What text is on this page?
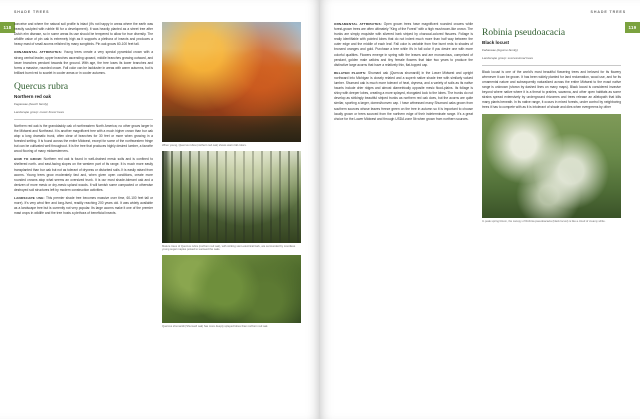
SHADE TREES
118

conceive and where the natural soil profile is intact (it's not happy in areas where the earth was heavily sculpted with rubble fill for a development). It was heavily planted as a street tree after Dutch elm disease, so in some areas its use should be tempered to allow for true diversity. The wildlife value of pin oak is extremely high as it supports a plethora of insects and produces a heavy mast of small acorns relished by many songbirds. Pin oak grows 60-100 feet tall.

ORNAMENTAL ATTRIBUTES: Young trees create a very special pyramidal crown with a strong central leader, upper branches ascending upward, middle branches growing outward, and lower branches pendant towards the ground. With age, the tree loses its lower branches and forms a massive, rounded crown. Fall color can be lackluster in areas with warm autumns, but is brilliant burnt red to scarlet in cooler areas or in cooler autumns.

Quercus rubra
Northern red oak
Fagaceae (beech family)
Landscape group: mesic forest trees

Northern red oak is the granddaddy oak of northeastern North America; no other grows larger in the Midwest and Northeast. It is another magnificent tree with a much higher crown than bur oak atop a long dramatic trunk, often clear of branches for 30 feet or more when growing in a forested setting. It is found across the entire Midwest, except for some of the northwestern fringe but can be cultivated well throughout. It is the tree that produces highly desired lumber, a favorite wood flooring of many midwesterners.

HOW TO GROW: Northern red oak is found in well-drained mesic soils and is confined to sheltered north- and east-facing slopes on the western part of its range. It is much more easily transplanted than bur oak but not as tolerant of dryness or disturbed soils. It is easily raised from acorns. Young trees grow moderately fast and, when given open conditions, create more rounded crowns atop what seems an oversized trunk. It is our most shade-tolerant oak and a denizen of more mesic or dry-mesic upland woods. It will tarnish some compacted or otherwise destroyed soil structures left by modern construction activities.

LANDSCAPE USE: This premier shade tree becomes massive over time, 60-100 feet tall or more). It's very wind firm and long-lived, readily reaching 200 years old. It was widely available as a landscape tree but is currently not very popular. Its large acorns make it one of the premier mast crops in wildlife and the tree hosts a plethora of beneficial insects.

When young, Quercus rubra (northern red oak) shows warm fall colors.
Mature trees of Quercus rubra (northern red oak), with striking stem-electrical bark, are surrounded by countless young sugar maples poised to succeed the oaks.
Quercus shumardii (Shumard oak) has more deeply splayed lobes than northern red oak.
SHADE TREES
119

ORNAMENTAL ATTRIBUTES: Open grown trees have magnificent rounded crowns while forest-grown trees are often ultimately "King of the Forest" with a high mushroom-like crown. The trunks are simply exquisite with silvered bark striped by charcoal-colored fissures. Foliage is really identifiable with pointed lobes that do not indent much more than half way between the outer edge and the middle of each leaf. Fall color is variable from fine burnt reds to shades of bronzed oranges and gold. Purchase a tree while it's in fall color if you desire one with more colorful qualities. Flowers emerge in spring with the leaves and are monoecious, comprised of pendant, golden male catkins and tiny female flowers that take two years to produce the distinctive large acorns that have a relatively thin, flat-topped cap.

RELATED PLANTS: Shumard oak (Quercus shumardii) in the Lower Midwest and upright northward into Michigan is closely related and a superb native shade tree with similarly valued lumber. Shumard oak is much more tolerant of heat, dryness, and a variety of soils as its native haunts include drier ridges and almost diametrically opposite mesic flood-plains. Its foliage is shiny with deeper lobes, creating a more splayed, elongated look to the lobes. The trunks do not develop as strikingly beautiful striped trunks as northern red oak does, but the acorns are quite similar, sporting a larger, domed/convex cap. I have witnessed many Shumard oaks grown from southern sources whose leaves freeze green on the tree in autumn so it is important to choose locally grown or trees sourced from the northern edge of their indeterminate range. It's a great choice for the Lower Midwest and through USDA zone 5b when grown from northern sources.

Robinia pseudoacacia
Black locust
Fabaceae (legume family)
Landscape group: successional trees

Black locust is one of the world's most beautiful flowering trees and beloved for its flowery whenever it can be grown. It has been widely planted for land reclamation, wood use, and for its ornamental nature and subsequently naturalized across the entire Midwest to the exact native range is unknown (shown by dashed lines on many maps). Black locust is considered invasive beyond where native where it is a threat to prairies, savanna, and other open habitats as some strains spread extensively by underground rhizomes and trees release an allelopath that kills many plants beneath. In its native range, it occurs in mixed forests, under control by neighboring trees it has to compete with as it is intolerant of shade and dies when evergreens by other

In peak spring bloom, the canopy of Robinia pseudoacacia (black locust) is like a cloud of creamy white.
